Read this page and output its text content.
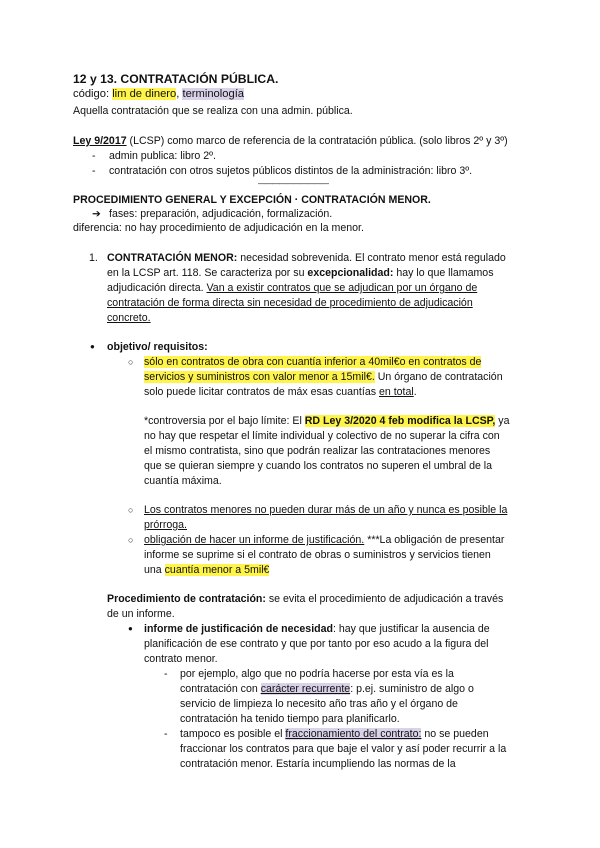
12 y 13. CONTRATACIÓN PÚBLICA.
código: lim de dinero, terminología
Aquella contratación que se realiza con una admin. pública.
Ley 9/2017 (LCSP) como marco de referencia de la contratación pública. (solo libros 2º y 3º)
- admin publica: libro 2º.
- contratación con otros sujetos públicos distintos de la administración: libro 3º.
——————————
PROCEDIMIENTO GENERAL Y EXCEPCIÓN · CONTRATACIÓN MENOR.
➔ fases: preparación, adjudicación, formalización.
diferencia: no hay procedimiento de adjudicación en la menor.
1. CONTRATACIÓN MENOR: necesidad sobrevenida. El contrato menor está regulado
en la LCSP art. 118. Se caracteriza por su excepcionalidad: hay lo que llamamos
adjudicación directa. Van a existir contratos que se adjudican por un órgano de
contratación de forma directa sin necesidad de procedimiento de adjudicación
concreto.
● objetivo/ requisitos:
○ sólo en contratos de obra con cuantía inferior a 40mil€o en contratos de
servicios y suministros con valor menor a 15mil€. Un órgano de contratación
solo puede licitar contratos de máx esas cuantías en total.
*controversia por el bajo límite: El RD Ley 3/2020 4 feb modifica la LCSP, ya
no hay que respetar el límite individual y colectivo de no superar la cifra con
el mismo contratista, sino que podrán realizar las contrataciones menores
que se quieran siempre y cuando los contratos no superen el umbral de la
cuantía máxima.
○ Los contratos menores no pueden durar más de un año y nunca es posible la
prórroga.
○ obligación de hacer un informe de justificación. ***La obligación de presentar
informe se suprime si el contrato de obras o suministros y servicios tienen
una cuantía menor a 5mil€
Procedimiento de contratación: se evita el procedimiento de adjudicación a través
de un informe.
● informe de justificación de necesidad: hay que justificar la ausencia de
planificación de ese contrato y que por tanto por eso acudo a la figura del
contrato menor.
- por ejemplo, algo que no podría hacerse por esta vía es la
contratación con carácter recurrente: p.ej. suministro de algo o
servicio de limpieza lo necesito año tras año y el órgano de
contratación ha tenido tiempo para planificarlo.
- tampoco es posible el fraccionamiento del contrato: no se pueden
fraccionar los contratos para que baje el valor y así poder recurrir a la
contratación menor. Estaría incumpliendo las normas de la
